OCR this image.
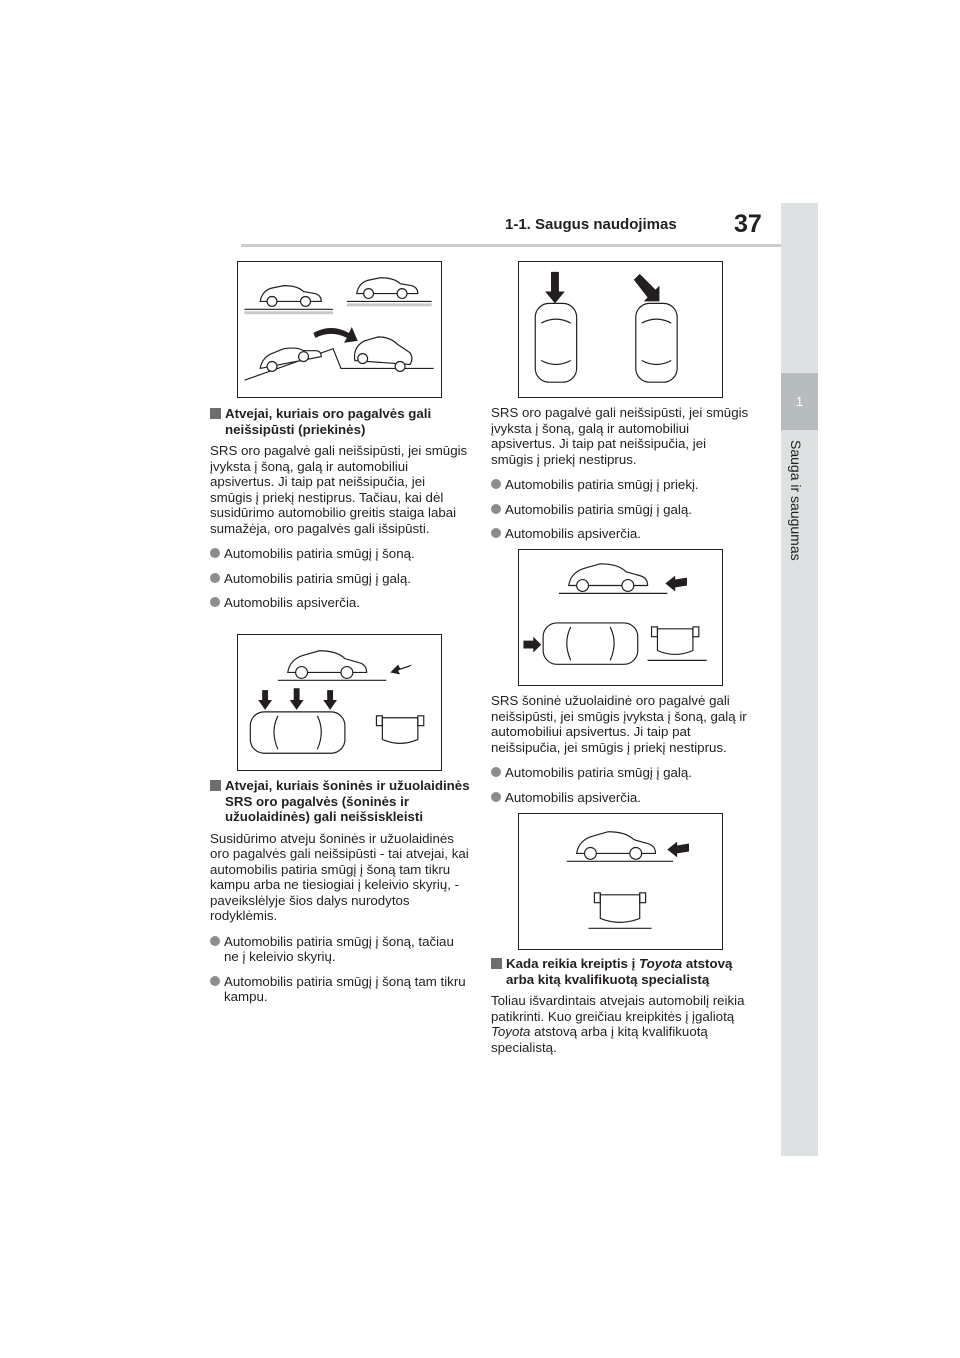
1-1. Saugus naudojimas 37
1
Sauga ir saugumas
Atvejai, kuriais oro pagalvės gali neišsipūsti (priekinės)

SRS oro pagalvė gali neišsipūsti, jei smūgis įvyksta į šoną, galą ir automobiliui apsivertus. Ji taip pat neišsipučia, jei smūgis į priekį nestiprus. Tačiau, kai dėl susidūrimo automobilio greitis staiga labai sumažėja, oro pagalvės gali išsipūsti.

Automobilis patiria smūgį į šoną.
Automobilis patiria smūgį į galą.
Automobilis apsiverčia.
Atvejai, kuriais šoninės ir užuolaidinės SRS oro pagalvės (šoninės ir užuolaidinės) gali neišsiskleisti

Susidūrimo atveju šoninės ir užuolaidinės oro pagalvės gali neišsipūsti - tai atvejai, kai automobilis patiria smūgį į šoną tam tikru kampu arba ne tiesiogiai į keleivio skyrių, - paveikslėlyje šios dalys nurodytos rodyklėmis.

Automobilis patiria smūgį į šoną, tačiau ne į keleivio skyrių.
Automobilis patiria smūgį į šoną tam tikru kampu.

SRS oro pagalvė gali neišsipūsti, jei smūgis įvyksta į šoną, galą ir automobiliui apsivertus. Ji taip pat neišsipučia, jei smūgis į priekį nestiprus.

Automobilis patiria smūgį į priekį.
Automobilis patiria smūgį į galą.
Automobilis apsiverčia.

SRS šoninė užuolaidinė oro pagalvė gali neišsipūsti, jei smūgis įvyksta į šoną, galą ir automobiliui apsivertus. Ji taip pat neišsipučia, jei smūgis į priekį nestiprus.

Automobilis patiria smūgį į galą.
Automobilis apsiverčia.
Kada reikia kreiptis į Toyota atstovą arba kitą kvalifikuotą specialistą

Toliau išvardintais atvejais automobilį reikia patikrinti. Kuo greičiau kreipkitės į įgaliotą Toyota atstovą arba į kitą kvalifikuotą specialistą.
